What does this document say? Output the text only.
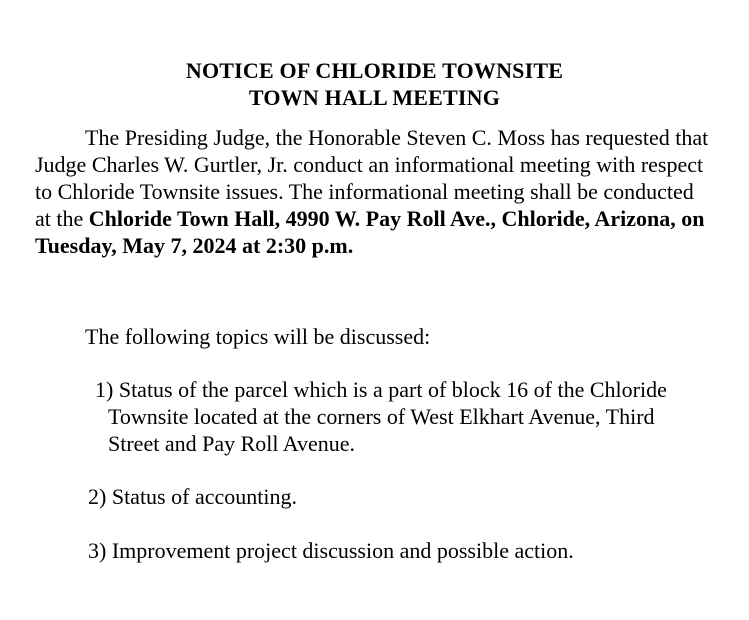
NOTICE OF CHLORIDE TOWNSITE
TOWN HALL MEETING

The Presiding Judge, the Honorable Steven C. Moss has requested that Judge Charles W. Gurtler, Jr. conduct an informational meeting with respect to Chloride Townsite issues. The informational meeting shall be conducted at the Chloride Town Hall, 4990 W. Pay Roll Ave., Chloride, Arizona, on Tuesday, May 7, 2024 at 2:30 p.m.

The following topics will be discussed:

1) Status of the parcel which is a part of block 16 of the Chloride Townsite located at the corners of West Elkhart Avenue, Third Street and Pay Roll Avenue.

2) Status of accounting.

3) Improvement project discussion and possible action.
